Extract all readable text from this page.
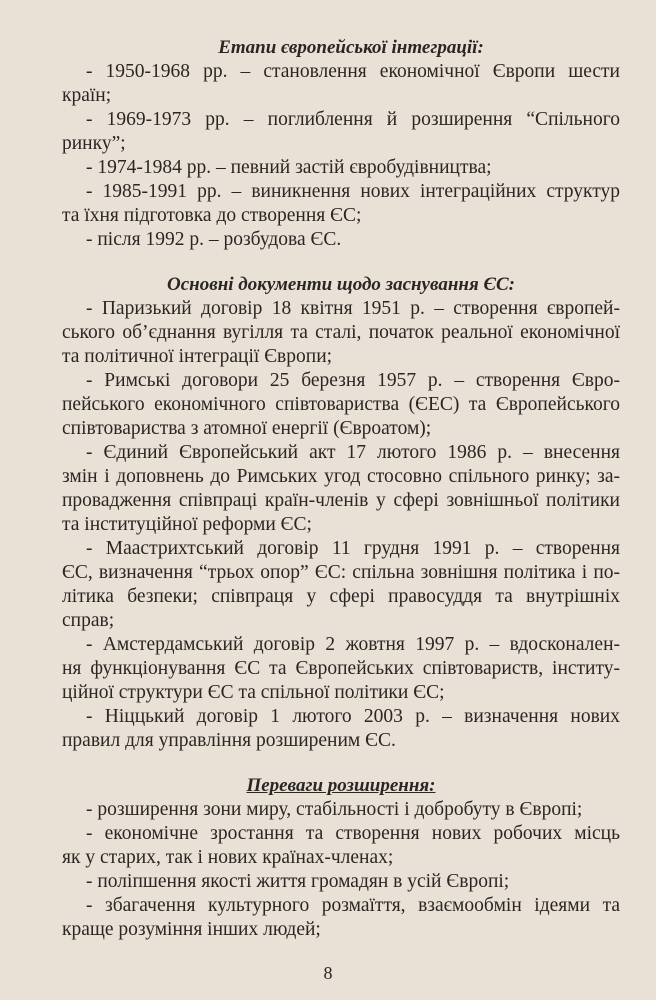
Етапи європейської інтеграції:
- 1950-1968 рр. – становлення економічної Європи шести
країн;
- 1969-1973 рр. – поглиблення й розширення “Спільного
ринку”;
- 1974-1984 рр. – певний застій євробудівництва;
- 1985-1991 рр. – виникнення нових інтеграційних структур
та їхня підготовка до створення ЄС;
- після 1992 р. – розбудова ЄС.
Основні документи щодо заснування ЄС:
- Паризький договір 18 квітня 1951 р. – створення європей-
ського об’єднання вугілля та сталі, початок реальної економічної
та політичної інтеграції Європи;
- Римські договори 25 березня 1957 р. – створення Євро-
пейського економічного співтовариства (ЄЕС) та Європейського
співтовариства з атомної енергії (Євроатом);
- Єдиний Європейський акт 17 лютого 1986 р. – внесення
змін і доповнень до Римських угод стосовно спільного ринку; за-
провадження співпраці країн-членів у сфері зовнішньої політики
та інституційної реформи ЄС;
- Маастрихтський договір 11 грудня 1991 р. – створення
ЄС, визначення “трьох опор” ЄС: спільна зовнішня політика і по-
літика безпеки; співпраця у сфері правосуддя та внутрішніх
справ;
- Амстердамський договір 2 жовтня 1997 р. – вдосконален-
ня функціонування ЄС та Європейських співтовариств, інститу-
ційної структури ЄС та спільної політики ЄС;
- Ніццький договір 1 лютого 2003 р. – визначення нових
правил для управління розширеним ЄС.
Переваги розширення:
- розширення зони миру, стабільності і добробуту в Європі;
- економічне зростання та створення нових робочих місць
як у старих, так і нових країнах-членах;
- поліпшення якості життя громадян в усій Європі;
- збагачення культурного розмаїття, взаємообмін ідеями та
краще розуміння інших людей;
8
